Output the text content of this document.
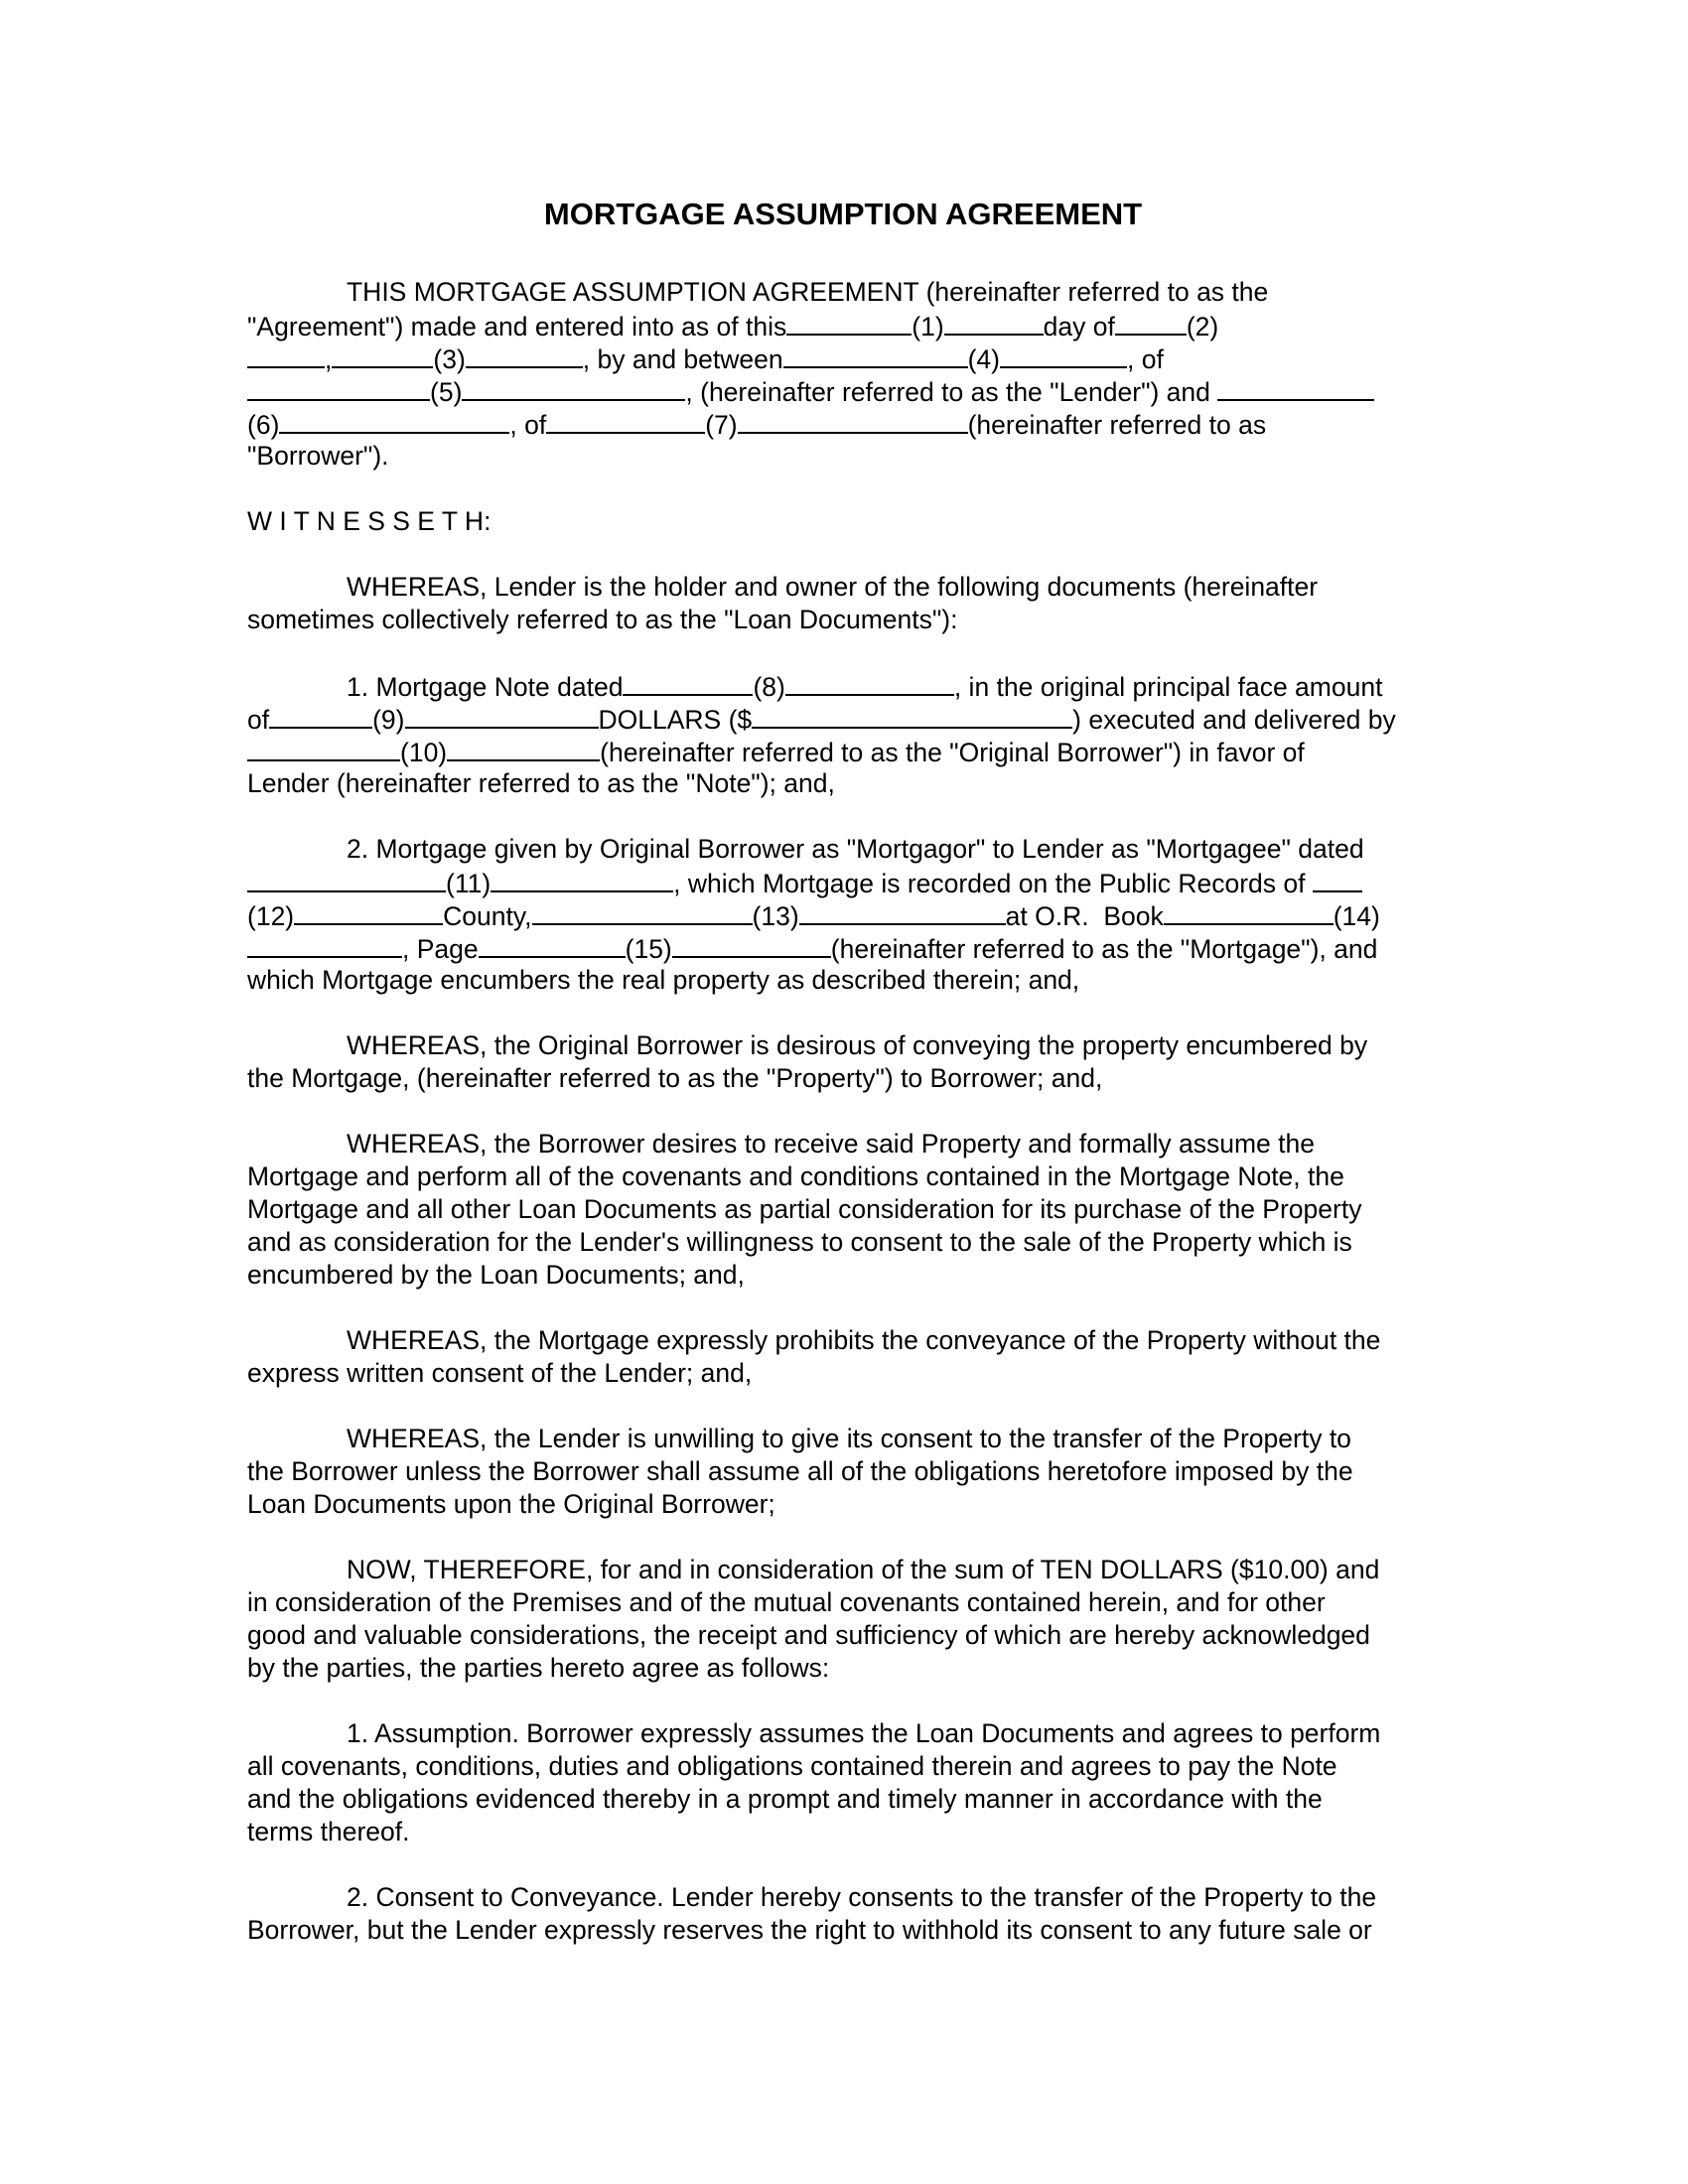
MORTGAGE ASSUMPTION AGREEMENT
THIS MORTGAGE ASSUMPTION AGREEMENT (hereinafter referred to as the
"Agreement") made and entered into as of this	(1)	day of	(2)
,	(3)	, by and between	(4)	, of
(5)	, (hereinafter referred to as the "Lender") and
(6)	, of	(7)	(hereinafter referred to as
"Borrower").

W I T N E S S E T H:

WHEREAS, Lender is the holder and owner of the following documents (hereinafter
sometimes collectively referred to as the "Loan Documents"):
1. Mortgage Note dated	(8)	, in the original principal face amount
of	(9)	DOLLARS ($	) executed and delivered by
(10)	(hereinafter referred to as the "Original Borrower") in favor of
Lender (hereinafter referred to as the "Note"); and,
2. Mortgage given by Original Borrower as "Mortgagor" to Lender as "Mortgagee" dated
(11)	, which Mortgage is recorded on the Public Records of
(12)	County,	(13)	at O.R.  Book	(14)
, Page	(15)	(hereinafter referred to as the "Mortgage"), and
which Mortgage encumbers the real property as described therein; and,
WHEREAS, the Original Borrower is desirous of conveying the property encumbered by
the Mortgage, (hereinafter referred to as the "Property") to Borrower; and,
WHEREAS, the Borrower desires to receive said Property and formally assume the
Mortgage and perform all of the covenants and conditions contained in the Mortgage Note, the
Mortgage and all other Loan Documents as partial consideration for its purchase of the Property
and as consideration for the Lender's willingness to consent to the sale of the Property which is
encumbered by the Loan Documents; and,
WHEREAS, the Mortgage expressly prohibits the conveyance of the Property without the
express written consent of the Lender; and,
WHEREAS, the Lender is unwilling to give its consent to the transfer of the Property to
the Borrower unless the Borrower shall assume all of the obligations heretofore imposed by the
Loan Documents upon the Original Borrower;
NOW, THEREFORE, for and in consideration of the sum of TEN DOLLARS ($10.00) and
in consideration of the Premises and of the mutual covenants contained herein, and for other
good and valuable considerations, the receipt and sufficiency of which are hereby acknowledged
by the parties, the parties hereto agree as follows:
1. Assumption. Borrower expressly assumes the Loan Documents and agrees to perform
all covenants, conditions, duties and obligations contained therein and agrees to pay the Note
and the obligations evidenced thereby in a prompt and timely manner in accordance with the
terms thereof.
2. Consent to Conveyance. Lender hereby consents to the transfer of the Property to the
Borrower, but the Lender expressly reserves the right to withhold its consent to any future sale or
